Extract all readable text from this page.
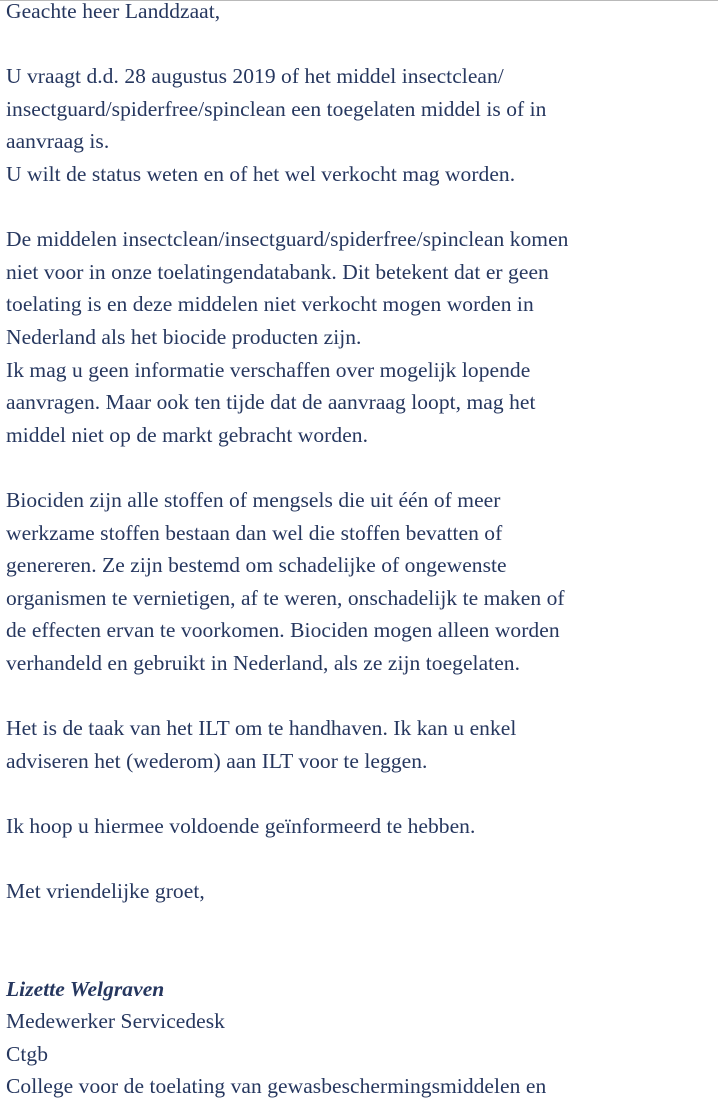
Geachte heer Landdzaat,

U vraagt d.d. 28 augustus 2019 of het middel insectclean/
insectguard/spiderfree/spinclean een toegelaten middel is of in
aanvraag is.
U wilt de status weten en of het wel verkocht mag worden.

De middelen insectclean/insectguard/spiderfree/spinclean komen
niet voor in onze toelatingendatabank. Dit betekent dat er geen
toelating is en deze middelen niet verkocht mogen worden in
Nederland als het biocide producten zijn.
Ik mag u geen informatie verschaffen over mogelijk lopende
aanvragen. Maar ook ten tijde dat de aanvraag loopt, mag het
middel niet op de markt gebracht worden.

Biociden zijn alle stoffen of mengsels die uit één of meer
werkzame stoffen bestaan dan wel die stoffen bevatten of
genereren. Ze zijn bestemd om schadelijke of ongewenste
organismen te vernietigen, af te weren, onschadelijk te maken of
de effecten ervan te voorkomen. Biociden mogen alleen worden
verhandeld en gebruikt in Nederland, als ze zijn toegelaten.

Het is de taak van het ILT om te handhaven. Ik kan u enkel
adviseren het (wederom) aan ILT voor te leggen.

Ik hoop u hiermee voldoende geïnformeerd te hebben.

Met vriendelijke groet,

Lizette Welgraven

Medewerker Servicedesk

Ctgb

College voor de toelating van gewasbeschermingsmiddelen en
